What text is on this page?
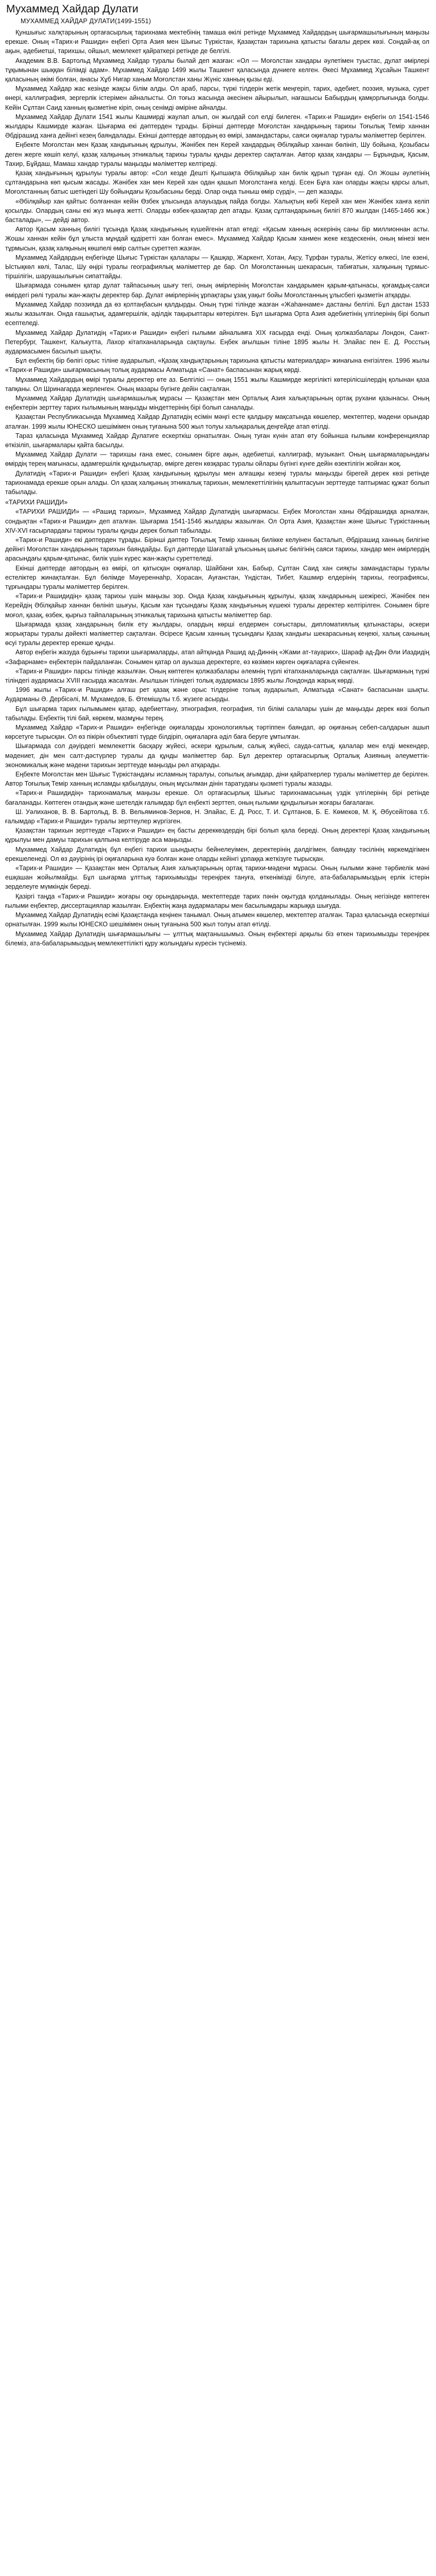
Мухаммед Хайдар Дулати
МУХАММЕД ХАЙДАР ДУЛАТИ(1499-1551)

Қуншығыс халқтарының ортағасырлық тарихнама мектебінің тамаша өкілі ретінде Мұхаммед Хайдардың шығармашылығының маңызы ерекше. Оның «Тарих-и Рашиди» еңбегі Орта Азия мен Шығыс Түркістан, Қазақстан тарихына қатысты бағалы дерек көзі. Сондай-ақ ол ақын, әдебиетші, тарихшы, ойшыл, мемлекет қайраткері ретінде де белгілі.

Академик В.В. Бартольд Мұхаммед Хайдар туралы былай деп жазған: «Ол — Моғолстан хандары әулетімен туыстас, дулат әмірлері тұқымынан шыққан білімді адам». Мұхаммед Хайдар 1499 жылы Ташкент қаласында дүниеге келген. Әкесі Мұхаммед Хұсайын Ташкент қаласының әкімі болған, анасы Хұб Нигар ханым Моғолстан ханы Жүніс ханның қызы еді.

Мұхаммед Хайдар жас кезінде жақсы білім алды. Ол араб, парсы, түркі тілдерін жетік меңгеріп, тарих, әдебиет, поэзия, музыка, сурет өнері, каллиграфия, зергерлік істерімен айналысты. Ол тоғыз жасында әкесінен айырылып, нағашысы Бабырдың қамқорлығында болды. Кейін Сұлтан Саид ханның қызметіне кіріп, оның сенімді әміріне айналды.

Мұхаммед Хайдар Дулати 1541 жылы Кашмирді жаулап алып, он жылдай сол елді билеген. «Тарих-и Рашиди» еңбегін ол 1541-1546 жылдары Кашмирде жазған. Шығарма екі дәптерден тұрады. Бірінші дәптерде Моғолстан хандарының тарихы Тоғылық Темір ханнан Әбдірашид ханға дейінгі кезең баяндалады. Екінші дәптерде автордың өз өмірі, замандастары, саяси оқиғалар туралы мәліметтер берілген.

Еңбекте Моғолстан мен Қазақ хандығының құрылуы, Жәнібек пен Керей хандардың Әбілқайыр ханнан бөлініп, Шу бойына, Қозыбасы деген жерге көшіп келуі, қазақ халқының этникалық тарихы туралы құнды деректер сақталған. Автор қазақ хандары — Бұрындық, Қасым, Тахир, Бұйдаш, Мамаш хандар туралы маңызды мәліметтер келтіреді.

Қазақ хандығының құрылуы туралы автор: «Сол кезде Дешті Қыпшақта Әбілқайыр хан билік құрып тұрған еді. Ол Жошы әулетінің сұлтандарына көп қысым жасады. Жәнібек хан мен Керей хан одан қашып Моғолстанға келді. Есен Бұға хан оларды жақсы қарсы алып, Моғолстанның батыс шетіндегі Шу бойындағы Қозыбасыны берді. Олар онда тыныш өмір сүрді», — деп жазады.

«Әбілқайыр хан қайтыс болғаннан кейін Өзбек ұлысында алауыздық пайда болды. Халықтың көбі Керей хан мен Жәнібек ханға келіп қосылды. Олардың саны екі жүз мыңға жетті. Оларды өзбек-қазақтар деп атады. Қазақ сұлтандарының билігі 870 жылдан (1465-1466 жж.) басталады», — дейді автор.

Автор Қасым ханның билігі тұсында Қазақ хандығының күшейгенін атап өтеді: «Қасым ханның әскерінің саны бір миллионнан асты. Жошы ханнан кейін бұл ұлыста мұндай құдіретті хан болған емес». Мұхаммед Хайдар Қасым ханмен жеке кездескенін, оның мінезі мен тұрмысын, қазақ халқының көшпелі өмір салтын суреттеп жазған.

Мұхаммед Хайдардың еңбегінде Шығыс Түркістан қалалары — Қашқар, Жаркент, Хотан, Ақсу, Тұрфан туралы, Жетісу өлкесі, Іле өзені, Ыстықкөл көлі, Талас, Шу өңірі туралы географиялық мәліметтер де бар. Ол Моғолстанның шекарасын, табиғатын, халқының тұрмыс-тіршілігін, шаруашылығын сипаттайды.

Шығармада сонымен қатар дулат тайпасының шығу тегі, оның әмірлерінің Моғолстан хандарымен қарым-қатынасы, қоғамдық-саяси өмірдегі рөлі туралы жан-жақты деректер бар. Дулат әмірлерінің ұрпақтары ұзақ уақыт бойы Моғолстанның ұлысбегі қызметін атқарды.

Мұхаммед Хайдар поэзияда да өз қолтаңбасын қалдырды. Оның түркі тілінде жазған «Жаһаннаме» дастаны белгілі. Бұл дастан 1533 жылы жазылған. Онда ғашықтық, адамгершілік, әділдік тақырыптары көтерілген. Бұл шығарма Орта Азия әдебиетінің үлгілерінің бірі болып есептеледі.

Мұхаммед Хайдар Дулатидің «Тарих-и Рашиди» еңбегі ғылыми айналымға XIX ғасырда енді. Оның қолжазбалары Лондон, Санкт-Петербург, Ташкент, Калькутта, Лахор кітапханаларында сақтаулы. Еңбек ағылшын тіліне 1895 жылы Н. Элайас пен Е. Д. Росстың аудармасымен басылып шықты.

Бұл еңбектің бір бөлігі орыс тіліне аударылып, «Қазақ хандықтарының тарихына қатысты материалдар» жинағына енгізілген. 1996 жылы «Тарих-и Рашиди» шығармасының толық аудармасы Алматыда «Санат» баспасынан жарық көрді.

Мұхаммед Хайдардың өмірі туралы деректер өте аз. Белгілісі — оның 1551 жылы Кашмирде жергілікті көтерілісшілердің қолынан қаза тапқаны. Ол Шринагарда жерленген. Оның мазары бүгінге дейін сақталған.

Мұхаммед Хайдар Дулатидің шығармашылық мұрасы — Қазақстан мен Орталық Азия халықтарының ортақ рухани қазынасы. Оның еңбектерін зерттеу тарих ғылымының маңызды міндеттерінің бірі болып саналады.

Қазақстан Республикасында Мұхаммед Хайдар Дулатидің есімін мәңгі есте қалдыру мақсатында көшелер, мектептер, мәдени орындар аталған. 1999 жылы ЮНЕСКО шешімімен оның туғанына 500 жыл толуы халықаралық деңгейде атап өтілді.

Тараз қаласында Мұхаммед Хайдар Дулатиге ескерткіш орнатылған. Оның туған күнін атап өту бойынша ғылыми конференциялар өткізіліп, шығармалары қайта басылды.

Мұхаммед Хайдар Дулати — тарихшы ғана емес, сонымен бірге ақын, әдебиетші, каллиграф, музыкант. Оның шығармаларындағы өмірдің терең мағынасы, адамгершілік құндылықтар, өмірге деген көзқарас туралы ойлары бүгінгі күнге дейін өзектілігін жойған жоқ.

Дулатидің «Тарих-и Рашиди» еңбегі Қазақ хандығының құрылуы мен алғашқы кезеңі туралы маңызды бірегей дерек көзі ретінде тарихнамада ерекше орын алады. Ол қазақ халқының этникалық тарихын, мемлекеттілігінің қалыптасуын зерттеуде таптырмас құжат болып табылады.

«ТАРИХИ РАШИДИ»

«ТАРИХИ РАШИДИ» — «Рашид тарихы», Мұхаммед Хайдар Дулатидің шығармасы. Еңбек Моғолстан ханы Әбдірашидқа арналған, сондықтан «Тарих-и Рашиди» деп аталған. Шығарма 1541-1546 жылдары жазылған. Ол Орта Азия, Қазақстан және Шығыс Түркістанның XIV-XVI ғасырлардағы тарихы туралы құнды дерек болып табылады.

«Тарих-и Рашиди» екі дәптерден тұрады. Бірінші дәптер Тоғылық Темір ханның билікке келуінен басталып, Әбдірашид ханның билігіне дейінгі Моғолстан хандарының тарихын баяндайды. Бұл дәптерде Шағатай ұлысының шығыс бөлігінің саяси тарихы, хандар мен әмірлердің арасындағы қарым-қатынас, билік үшін күрес жан-жақты суреттеледі.

Екінші дәптерде автордың өз өмірі, ол қатысқан оқиғалар, Шайбани хан, Бабыр, Сұлтан Саид хан сияқты замандастары туралы естеліктер жинақталған. Бұл бөлімде Мәуереннаһр, Хорасан, Ауғанстан, Үндістан, Тибет, Кашмир елдерінің тарихы, географиясы, тұрғындары туралы мәліметтер берілген.

«Тарих-и Рашидидің» қазақ тарихы үшін маңызы зор. Онда Қазақ хандығының құрылуы, қазақ хандарының шежіресі, Жәнібек пен Керейдің Әбілқайыр ханнан бөлініп шығуы, Қасым хан тұсындағы Қазақ хандығының күшеюі туралы деректер келтірілген. Сонымен бірге моғол, қазақ, өзбек, қырғыз тайпаларының этникалық тарихына қатысты мәліметтер бар.

Шығармада қазақ хандарының билік ету жылдары, олардың көрші елдермен соғыстары, дипломатиялық қатынастары, әскери жорықтары туралы дәйекті мәліметтер сақталған. Әсіресе Қасым ханның тұсындағы Қазақ хандығы шекарасының кеңеюі, халық санының өсуі туралы деректер ерекше құнды.

Автор еңбегін жазуда бұрынғы тарихи шығармаларды, атап айтқанда Рашид ад-Диннің «Жами ат-тауарих», Шараф ад-Дин Әли Иаздидің «Зафарнаме» еңбектерін пайдаланған. Сонымен қатар ол ауызша деректерге, өз көзімен көрген оқиғаларға сүйенген.

«Тарих-и Рашиди» парсы тілінде жазылған. Оның көптеген қолжазбалары әлемнің түрлі кітапханаларында сақталған. Шығарманың түркі тіліндегі аудармасы XVIII ғасырда жасалған. Ағылшын тіліндегі толық аудармасы 1895 жылы Лондонда жарық көрді.

1996 жылы «Тарих-и Рашиди» алғаш рет қазақ және орыс тілдеріне толық аударылып, Алматыда «Санат» баспасынан шықты. Аударманы Ә. Дербісәлі, М. Мұхамедов, Б. Өтемішұлы т.б. жүзеге асырды.

Бұл шығарма тарих ғылымымен қатар, әдебиеттану, этнография, география, тіл білімі салалары үшін де маңызды дерек көзі болып табылады. Еңбектің тілі бай, көркем, мазмұны терең.

Мұхаммед Хайдар «Тарих-и Рашиди» еңбегінде оқиғаларды хронологиялық тәртіппен баяндап, әр оқиғаның себеп-салдарын ашып көрсетуге тырысқан. Ол өз пікірін объективті түрде білдіріп, оқиғаларға әділ баға беруге ұмтылған.

Шығармада сол дәуірдегі мемлекеттік басқару жүйесі, әскери құрылым, салық жүйесі, сауда-саттық, қалалар мен елді мекендер, мәдениет, дін мен салт-дәстүрлер туралы да құнды мәліметтер бар. Бұл деректер ортағасырлық Орталық Азияның әлеуметтік-экономикалық және мәдени тарихын зерттеуде маңызды рөл атқарады.

Еңбекте Моғолстан мен Шығыс Түркістандағы исламның таралуы, сопылық ағымдар, діни қайраткерлер туралы мәліметтер де берілген. Автор Тоғылық Темір ханның исламды қабылдауы, оның мұсылман дінін таратудағы қызметі туралы жазады.

«Тарих-и Рашидидің» тарихнамалық маңызы ерекше. Ол ортағасырлық Шығыс тарихнамасының үздік үлгілерінің бірі ретінде бағаланады. Көптеген отандық және шетелдік ғалымдар бұл еңбекті зерттеп, оның ғылыми құндылығын жоғары бағалаған.

Ш. Уәлиханов, В. В. Бартольд, В. В. Вельяминов-Зернов, Н. Элайас, Е. Д. Росс, Т. И. Сұлтанов, Б. Е. Көмеков, М. Қ. Әбусейітова т.б. ғалымдар «Тарих-и Рашиди» туралы зерттеулер жүргізген.

Қазақстан тарихын зерттеуде «Тарих-и Рашиди» ең басты дереккөздердің бірі болып қала береді. Оның деректері Қазақ хандығының құрылуы мен дамуы тарихын қалпына келтіруде аса маңызды.

Мұхаммед Хайдар Дулатидің бұл еңбегі тарихи шындықты бейнелеуімен, деректерінің дәлдігімен, баяндау тәсілінің көркемдігімен ерекшеленеді. Ол өз дәуірінің ірі оқиғаларына куә болған және оларды кейінгі ұрпаққа жеткізуге тырысқан.

«Тарих-и Рашиди» — Қазақстан мен Орталық Азия халықтарының ортақ тарихи-мәдени мұрасы. Оның ғылыми және тәрбиелік мәні ешқашан жойылмайды. Бұл шығарма ұлттық тарихымызды тереңірек тануға, өткенімізді білуге, ата-бабаларымыздың ерлік істерін зерделеуге мүмкіндік береді.

Қазіргі таңда «Тарих-и Рашиди» жоғары оқу орындарында, мектептерде тарих пәнін оқытуда қолданылады. Оның негізінде көптеген ғылыми еңбектер, диссертациялар жазылған. Еңбектің жаңа аудармалары мен басылымдары жарыққа шығуда.

Мұхаммед Хайдар Дулатидің есімі Қазақстанда кеңінен танымал. Оның атымен көшелер, мектептер аталған. Тараз қаласында ескерткіші орнатылған. 1999 жылы ЮНЕСКО шешімімен оның туғанына 500 жыл толуы атап өтілді.

Мұхаммед Хайдар Дулатидің шығармашылығы — ұлттық мақтанышымыз. Оның еңбектері арқылы біз өткен тарихымызды тереңірек білеміз, ата-бабаларымыздың мемлекеттілікті құру жолындағы күресін түсінеміз.
